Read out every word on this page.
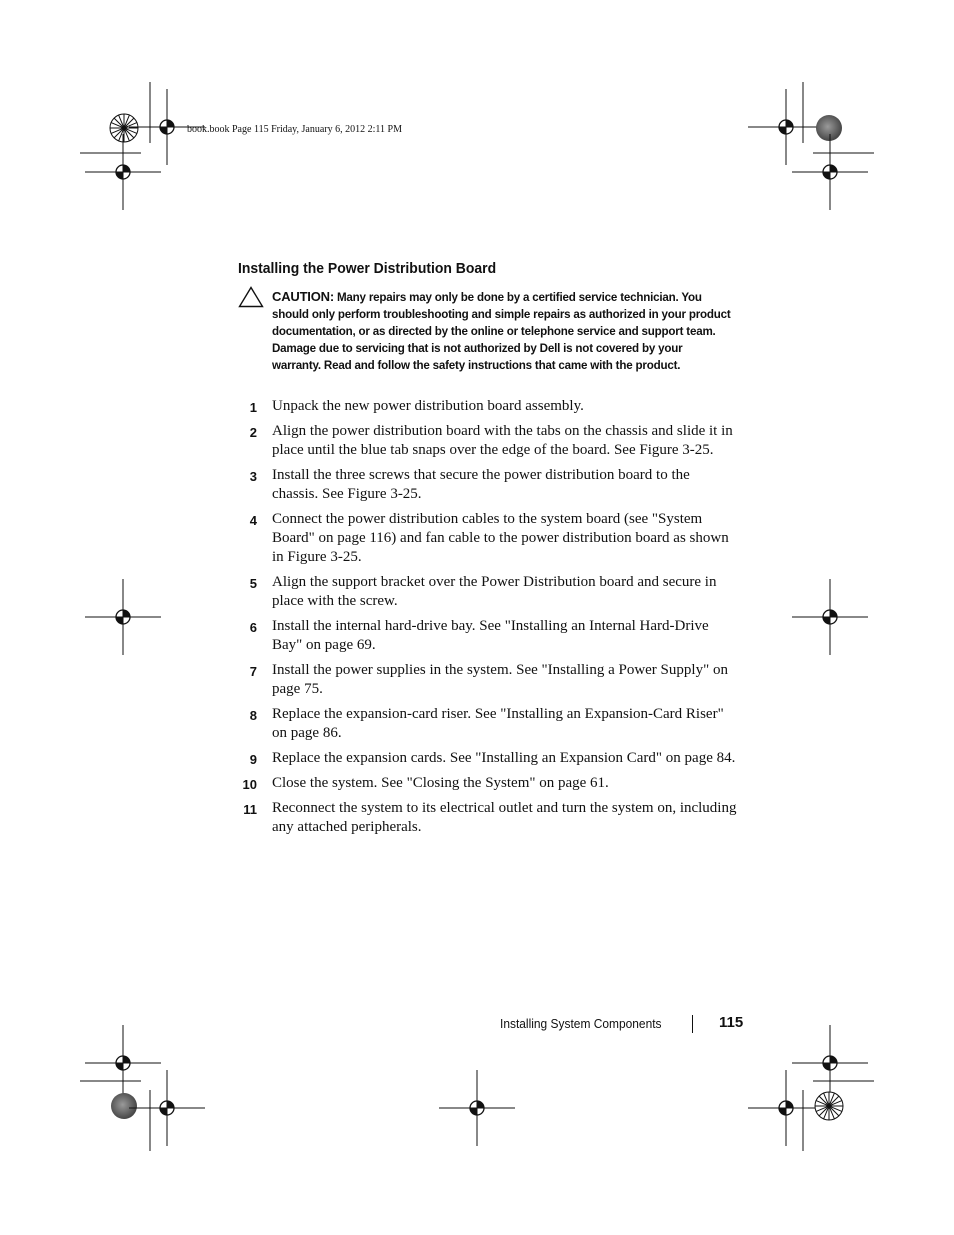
book.book Page 115 Friday, January 6, 2012 2:11 PM
Installing the Power Distribution Board
CAUTION: Many repairs may only be done by a certified service technician. You should only perform troubleshooting and simple repairs as authorized in your product documentation, or as directed by the online or telephone service and support team. Damage due to servicing that is not authorized by Dell is not covered by your warranty. Read and follow the safety instructions that came with the product.
1 Unpack the new power distribution board assembly.
2 Align the power distribution board with the tabs on the chassis and slide it in place until the blue tab snaps over the edge of the board. See Figure 3-25.
3 Install the three screws that secure the power distribution board to the chassis. See Figure 3-25.
4 Connect the power distribution cables to the system board (see "System Board" on page 116) and fan cable to the power distribution board as shown in Figure 3-25.
5 Align the support bracket over the Power Distribution board and secure in place with the screw.
6 Install the internal hard-drive bay. See "Installing an Internal Hard-Drive Bay" on page 69.
7 Install the power supplies in the system. See "Installing a Power Supply" on page 75.
8 Replace the expansion-card riser. See "Installing an Expansion-Card Riser" on page 86.
9 Replace the expansion cards. See "Installing an Expansion Card" on page 84.
10 Close the system. See "Closing the System" on page 61.
11 Reconnect the system to its electrical outlet and turn the system on, including any attached peripherals.
Installing System Components	115
